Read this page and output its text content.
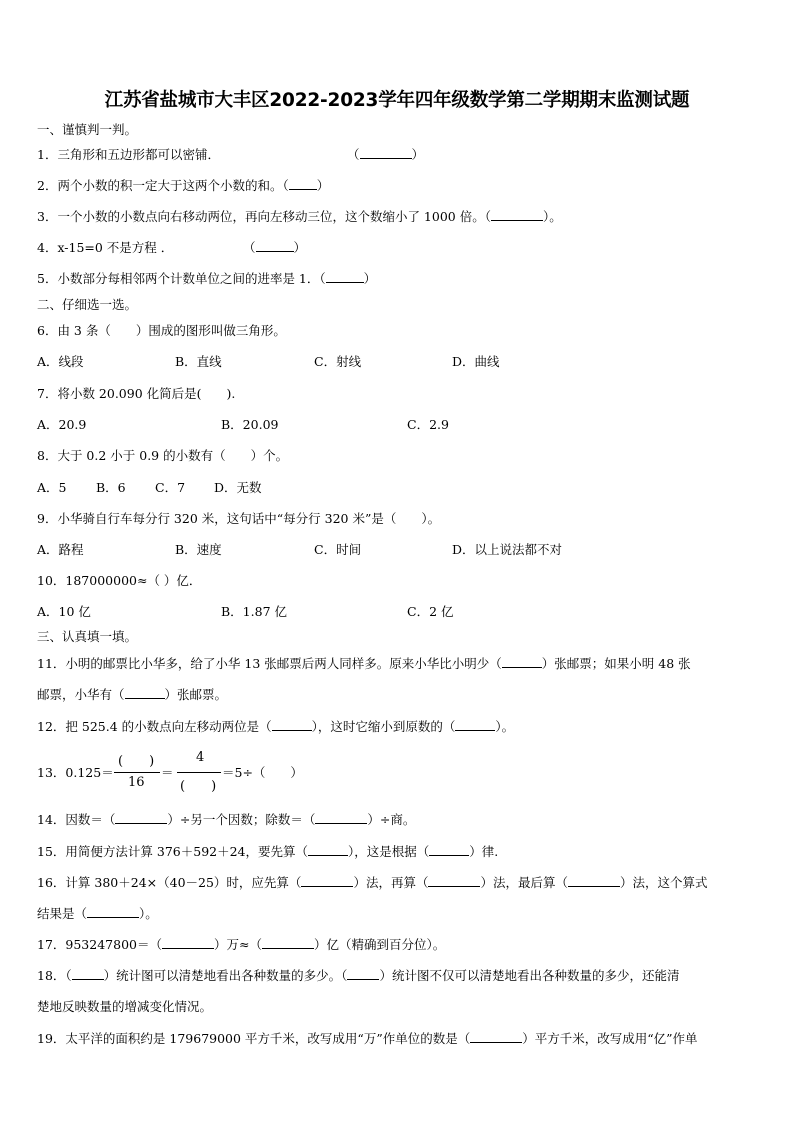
江苏省盐城市大丰区2022-2023学年四年级数学第二学期期末监测试题
一、谨慎判一判。
1．三角形和五边形都可以密铺．	（	）
2．两个小数的积一定大于这两个小数的和。（ ）
3．一个小数的小数点向右移动两位，再向左移动三位，这个数缩小了 1000 倍。（	）。
4．x-15=0 不是方程 ．	（	）
5．小数部分每相邻两个计数单位之间的进率是 1．（	）
二、仔细选一选。
6．由 3 条（　　）围成的图形叫做三角形。
A．线段	B．直线	C．射线	D．曲线
7．将小数 20.090 化简后是(　　).
A．20.9	B．20.09	C．2.9
8．大于 0.2 小于 0.9 的小数有（　　）个。
A．5 B．6 C．7 D．无数
9．小华骑自行车每分行 320 米，这句话中“每分行 320 米”是（　　）。
A．路程	B．速度	C．时间	D．以上说法都不对
10．187000000≈（ ）亿．
A．10 亿	B．1.87 亿	C．2 亿
三、认真填一填。
11．小明的邮票比小华多，给了小华 13 张邮票后两人同样多。原来小华比小明少（	）张邮票；如果小明 48 张
邮票，小华有（	）张邮票。
12．把 525.4 的小数点向左移动两位是（	），这时它缩小到原数的（	）。
13．0.125＝
(　　)
16
＝
4
(　　)
＝5÷（　　）
14．因数＝（	）÷另一个因数；除数＝（	）÷商。
15．用简便方法计算 376＋592＋24，要先算（	），这是根据（	）律.
16．计算 380＋24×（40－25）时，应先算（	）法，再算（	）法，最后算（	）法，这个算式
结果是（	）。
17．953247800＝（	）万≈（	）亿（精确到百分位）。
18．（	）统计图可以清楚地看出各种数量的多少。（	）统计图不仅可以清楚地看出各种数量的多少，还能清
楚地反映数量的增减变化情况。
19．太平洋的面积约是 179679000 平方千米，改写成用“万”作单位的数是（	）平方千米，改写成用“亿”作单
